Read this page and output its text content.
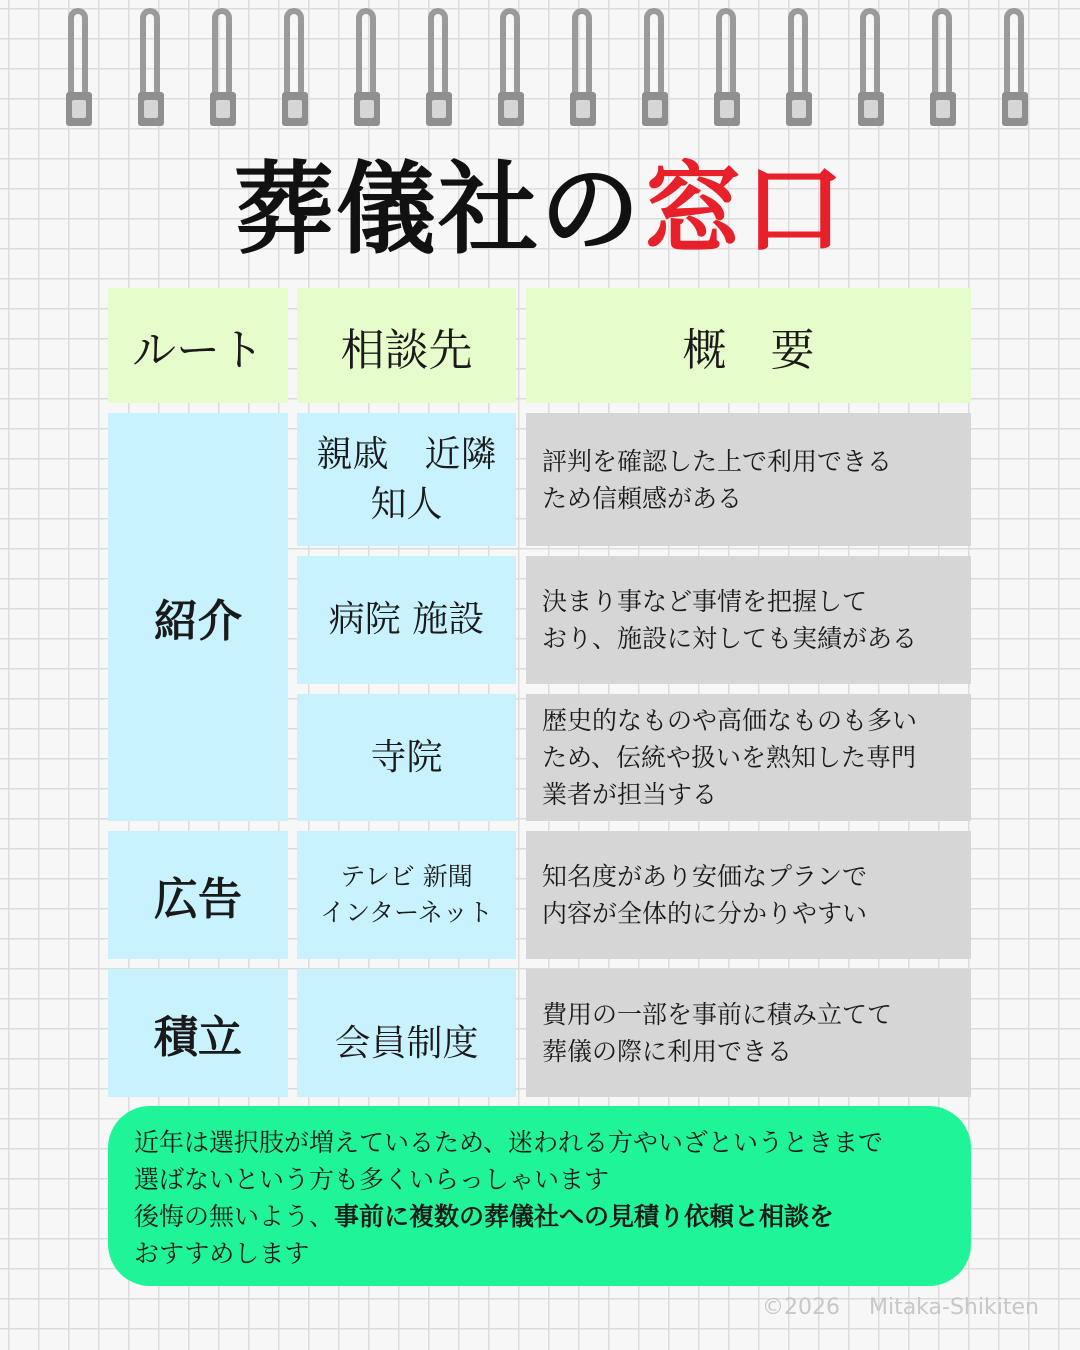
葬儀社の窓口
ルート	相談先	概　要
紹介
広告
積立
親戚　近隣
知人
評判を確認した上で利用できる
ため信頼感がある
病院 施設 決まり事など事情を把握して
おり、施設に対しても実績がある
寺院
歴史的なものや高価なものも多い
ため、伝統や扱いを熟知した専門
業者が担当する
テレビ 新聞
インターネット
知名度があり安価なプランで
内容が全体的に分かりやすい
会員制度
費用の一部を事前に積み立てて
葬儀の際に利用できる
近年は選択肢が増えているため、迷われる方やいざというときまで
選ばないという方も多くいらっしゃいます
後悔の無いよう、事前に複数の葬儀社への見積り依頼と相談を
おすすめします
©2026　 Mitaka-Shikiten
